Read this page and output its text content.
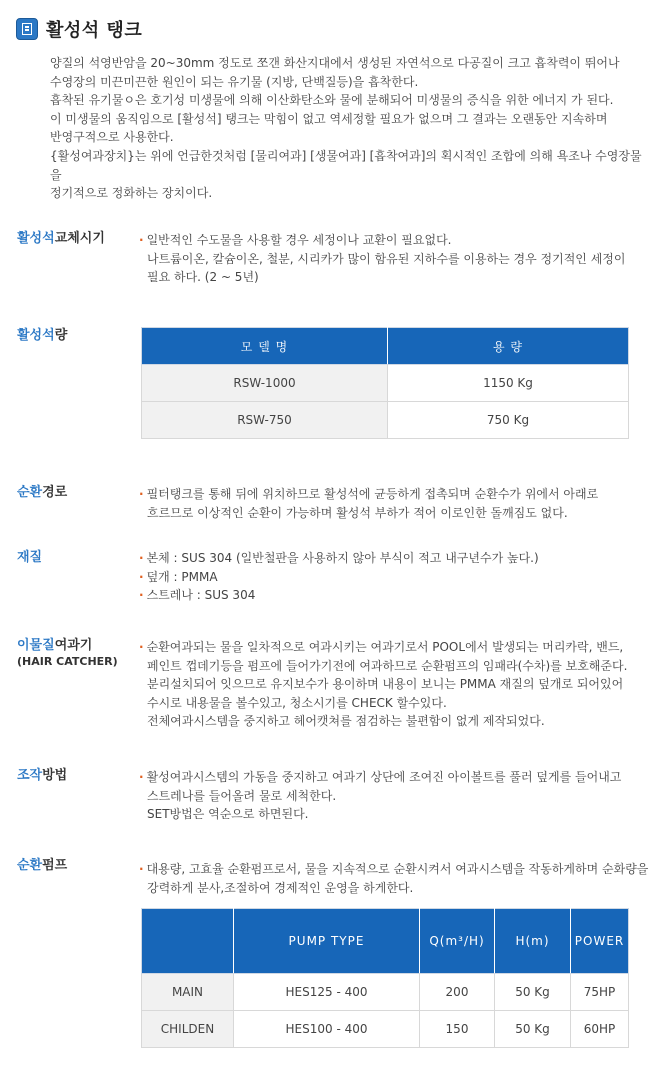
활성석 탱크

양질의 석영반암을 20~30mm 정도로 쪼갠 화산지대에서 생성된 자연석으로 다공질이 크고 흡착력이 뛰어나

수영장의 미끈미끈한 원인이 되는 유기물 (지방, 단백질등)을 흡착한다.

흡착된 유기물ㅇ은 호기성 미생물에 의해 이산화탄소와 물에 분해되어 미생물의 증식을 위한 에너지 가 된다.

이 미생물의 움직임으로 [활성석] 탱크는 막힘이 없고 역세정할 필요가 없으며 그 결과는 오랜동안 지속하며

반영구적으로 사용한다.

{활성여과장치}는 위에 언급한것처럼 [물리여과] [생물여과] [흡착여과]의 획시적인 조합에 의해 욕조나 수영장물을

정기적으로 정화하는 장치이다.

활성석교체시기	· 일반적인 수도물을 사용할 경우 세정이나 교환이 필요없다.

나트륨이온, 칼슘이온, 철분, 시리카가 많이 함유된 지하수를 이용하는 경우 정기적인 세정이

필요 하다. (2 ~ 5년)

활성석량
모 델 명	용 량
RSW-1000	1150 Kg
RSW-750	750 Kg
순환경로	· 필터탱크를 통해 뒤에 위치하므로 활성석에 균등하게 접촉되며 순환수가 위에서 아래로

흐르므로 이상적인 순환이 가능하며 활성석 부하가 적어 이로인한 돌깨짐도 없다.

재질	· 본체 : SUS 304 (일반철판을 사용하지 않아 부식이 적고 내구년수가 높다.)

· 덮개 : PMMA

· 스트레나 : SUS 304

이물질여과기
(HAIR CATCHER)

· 순환여과되는 물을 일차적으로 여과시키는 여과기로서 POOL에서 발생되는 머리카락, 밴드,

페인트 껍데기등을 펌프에 들어가기전에 여과하므로 순환펌프의 임패라(수차)를 보호해준다.

분리설치되어 잇으므로 유지보수가 용이하며 내용이 보니는 PMMA 재질의 덮개로 되어있어

수시로 내용물을 볼수있고, 청소시기를 CHECK 할수있다.

전체여과시스템을 중지하고 헤어캣쳐를 점검하는 불편함이 없게 제작되었다.

조작방법	· 활성여과시스템의 가동을 중지하고 여과기 상단에 조여진 아이볼트를 풀러 덮게를 들어내고

스트레나를 들어올려 물로 세척한다.

SET방법은 역순으로 하면된다.

순환펌프	· 대용량, 고효율 순환펌프로서, 물을 지속적으로 순환시켜서 여과시스템을 작동하게하며 순화량을

강력하게 분사,조절하여 경제적인 운영을 하게한다.

	PUMP TYPE	Q(m³/H)	H(m)	POWER
MAIN	HES125 - 400	200	50 Kg	75HP
CHILDEN	HES100 - 400	150	50 Kg	60HP
